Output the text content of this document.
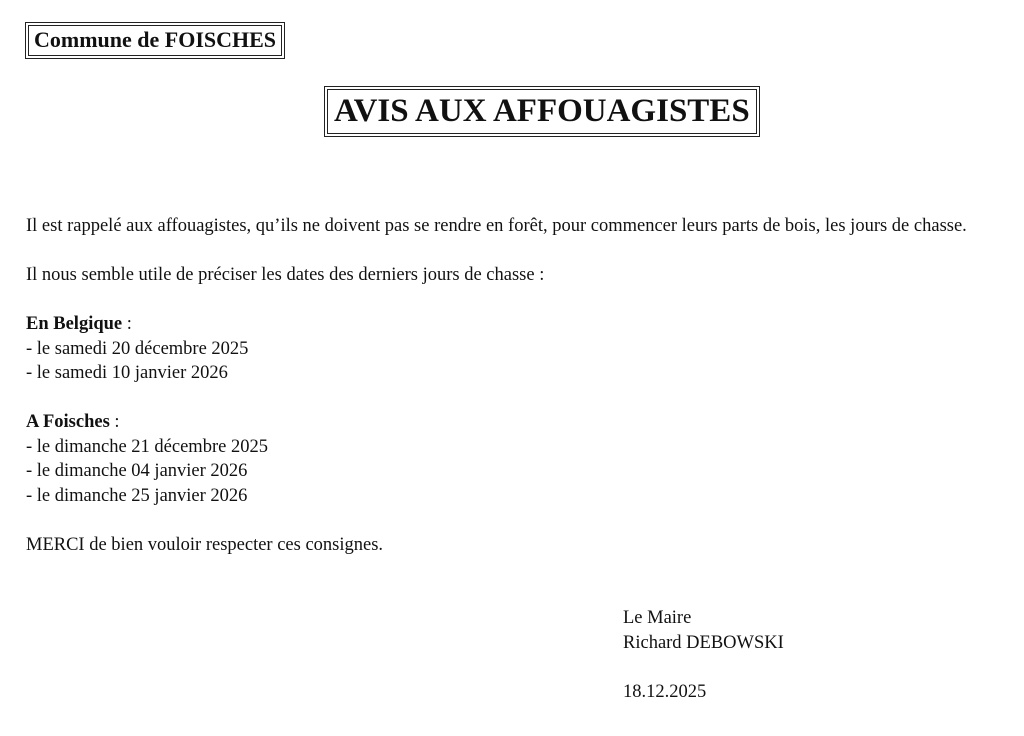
Commune de FOISCHES
AVIS AUX AFFOUAGISTES

Il est rappelé aux affouagistes, qu’ils ne doivent pas se rendre en forêt, pour commencer leurs parts de bois, les jours de chasse.

Il nous semble utile de préciser les dates des derniers jours de chasse :

En Belgique :
- le samedi 20 décembre 2025
- le samedi 10 janvier 2026
A Foisches :
- le dimanche 21 décembre 2025
- le dimanche 04 janvier 2026
- le dimanche 25 janvier 2026

MERCI de bien vouloir respecter ces consignes.

Le Maire
Richard DEBOWSKI
18.12.2025
